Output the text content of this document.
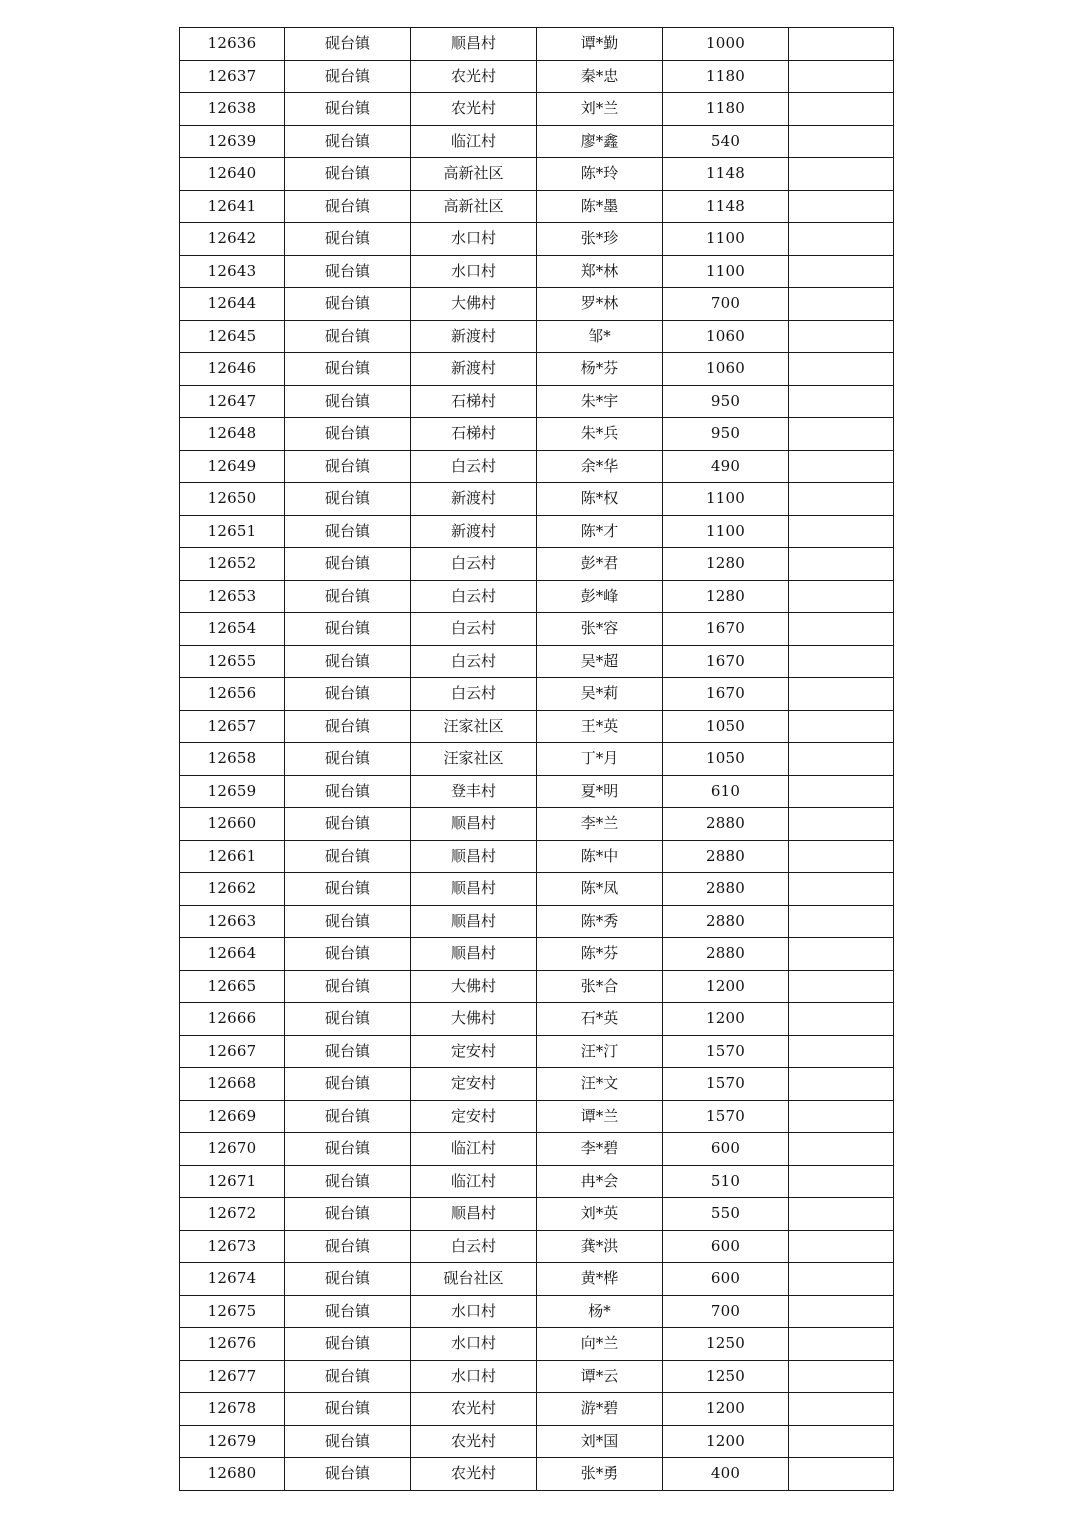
12636	砚台镇	顺昌村	谭*勤	1000	
12637	砚台镇	农光村	秦*忠	1180	
12638	砚台镇	农光村	刘*兰	1180	
12639	砚台镇	临江村	廖*鑫	540	
12640	砚台镇	高新社区	陈*玲	1148	
12641	砚台镇	高新社区	陈*墨	1148	
12642	砚台镇	水口村	张*珍	1100	
12643	砚台镇	水口村	郑*林	1100	
12644	砚台镇	大佛村	罗*林	700	
12645	砚台镇	新渡村	邹*	1060	
12646	砚台镇	新渡村	杨*芬	1060	
12647	砚台镇	石梯村	朱*宇	950	
12648	砚台镇	石梯村	朱*兵	950	
12649	砚台镇	白云村	余*华	490	
12650	砚台镇	新渡村	陈*权	1100	
12651	砚台镇	新渡村	陈*才	1100	
12652	砚台镇	白云村	彭*君	1280	
12653	砚台镇	白云村	彭*峰	1280	
12654	砚台镇	白云村	张*容	1670	
12655	砚台镇	白云村	吴*超	1670	
12656	砚台镇	白云村	吴*莉	1670	
12657	砚台镇	汪家社区	王*英	1050	
12658	砚台镇	汪家社区	丁*月	1050	
12659	砚台镇	登丰村	夏*明	610	
12660	砚台镇	顺昌村	李*兰	2880	
12661	砚台镇	顺昌村	陈*中	2880	
12662	砚台镇	顺昌村	陈*凤	2880	
12663	砚台镇	顺昌村	陈*秀	2880	
12664	砚台镇	顺昌村	陈*芬	2880	
12665	砚台镇	大佛村	张*合	1200	
12666	砚台镇	大佛村	石*英	1200	
12667	砚台镇	定安村	汪*汀	1570	
12668	砚台镇	定安村	汪*文	1570	
12669	砚台镇	定安村	谭*兰	1570	
12670	砚台镇	临江村	李*碧	600	
12671	砚台镇	临江村	冉*会	510	
12672	砚台镇	顺昌村	刘*英	550	
12673	砚台镇	白云村	龚*洪	600	
12674	砚台镇	砚台社区	黄*桦	600	
12675	砚台镇	水口村	杨*	700	
12676	砚台镇	水口村	向*兰	1250	
12677	砚台镇	水口村	谭*云	1250	
12678	砚台镇	农光村	游*碧	1200	
12679	砚台镇	农光村	刘*国	1200	
12680	砚台镇	农光村	张*勇	400	
